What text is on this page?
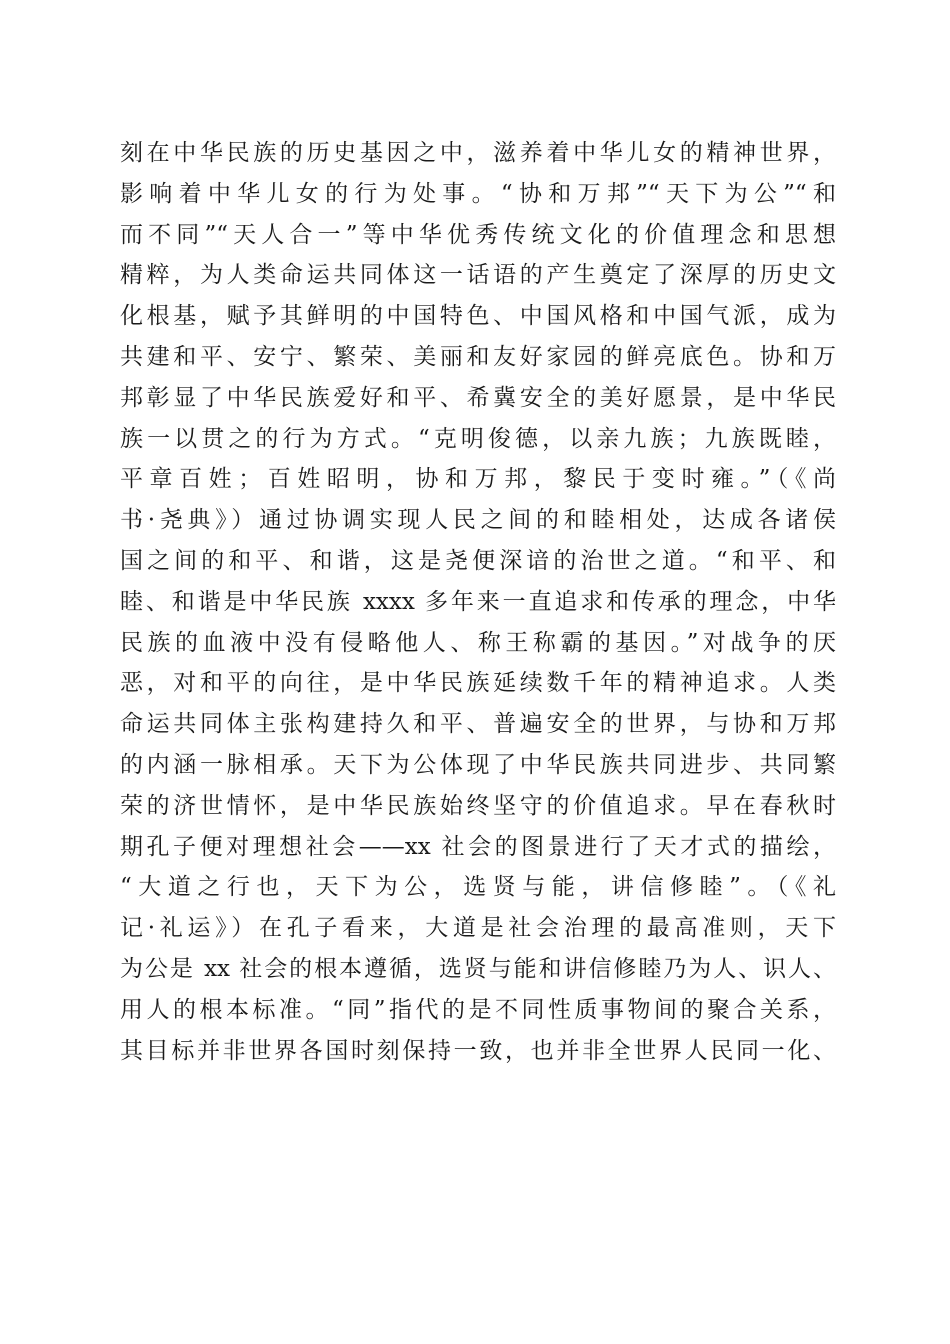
刻在中华民族的历史基因之中，滋养着中华儿女的精神世界，
影响着中华儿女的行为处事。“协和万邦”“天下为公”“和
而不同”“天人合一”等中华优秀传统文化的价值理念和思想
精粹，为人类命运共同体这一话语的产生奠定了深厚的历史文
化根基，赋予其鲜明的中国特色、中国风格和中国气派，成为
共建和平、安宁、繁荣、美丽和友好家园的鲜亮底色。协和万
邦彰显了中华民族爱好和平、希冀安全的美好愿景，是中华民
族一以贯之的行为方式。“克明俊德，以亲九族；九族既睦，
平章百姓；百姓昭明，协和万邦，黎民于变时雍。”（《尚
书·尧典》）通过协调实现人民之间的和睦相处，达成各诸侯
国之间的和平、和谐，这是尧便深谙的治世之道。“和平、和
睦、和谐是中华民族 xxxx 多年来一直追求和传承的理念，中华
民族的血液中没有侵略他人、称王称霸的基因。”对战争的厌
恶，对和平的向往，是中华民族延续数千年的精神追求。人类
命运共同体主张构建持久和平、普遍安全的世界，与协和万邦
的内涵一脉相承。天下为公体现了中华民族共同进步、共同繁
荣的济世情怀，是中华民族始终坚守的价值追求。早在春秋时
期孔子便对理想社会——xx 社会的图景进行了天才式的描绘，
“大道之行也，天下为公，选贤与能，讲信修睦”。（《礼
记·礼运》）在孔子看来，大道是社会治理的最高准则，天下
为公是 xx 社会的根本遵循，选贤与能和讲信修睦乃为人、识人、
用人的根本标准。“同”指代的是不同性质事物间的聚合关系，
其目标并非世界各国时刻保持一致，也并非全世界人民同一化、
